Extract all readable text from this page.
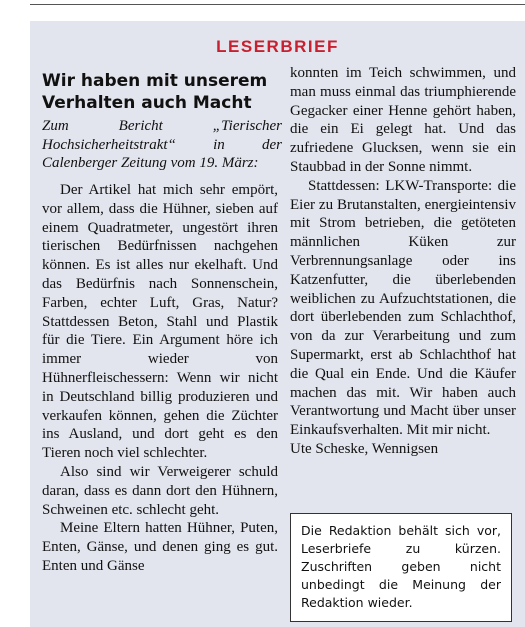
LESERBRIEF
Wir haben mit unserem Verhalten auch Macht
Zum Bericht „Tierischer Hochsicherheitstrakt“ in der Calenberger Zeitung vom 19. März:

Der Artikel hat mich sehr empört, vor allem, dass die Hühner, sieben auf einem Quadratmeter, ungestört ihren tierischen Bedürfnissen nachgehen können. Es ist alles nur ekelhaft. Und das Bedürfnis nach Sonnenschein, Farben, echter Luft, Gras, Natur? Stattdessen Beton, Stahl und Plastik für die Tiere. Ein Argument höre ich immer wieder von Hühnerfleischessern: Wenn wir nicht in Deutschland billig produzieren und verkaufen können, gehen die Züchter ins Ausland, und dort geht es den Tieren noch viel schlechter.

Also sind wir Verweigerer schuld daran, dass es dann dort den Hühnern, Schweinen etc. schlecht geht.

Meine Eltern hatten Hühner, Puten, Enten, Gänse, und denen ging es gut. Enten und Gänse

konnten im Teich schwimmen, und man muss einmal das triumphierende Gegacker einer Henne gehört haben, die ein Ei gelegt hat. Und das zufriedene Glucksen, wenn sie ein Staubbad in der Sonne nimmt.

Stattdessen: LKW-Transporte: die Eier zu Brutanstalten, energieintensiv mit Strom betrieben, die getöteten männlichen Küken zur Verbrennungsanlage oder ins Katzenfutter, die überlebenden weiblichen zu Aufzuchtstationen, die dort überlebenden zum Schlachthof, von da zur Verarbeitung und zum Supermarkt, erst ab Schlachthof hat die Qual ein Ende. Und die Käufer machen das mit. Wir haben auch Verantwortung und Macht über unser Einkaufsverhalten. Mit mir nicht.

Ute Scheske, Wennigsen

Die Redaktion behält sich vor, Leserbriefe zu kürzen. Zuschriften geben nicht unbedingt die Meinung der Redaktion wieder.
